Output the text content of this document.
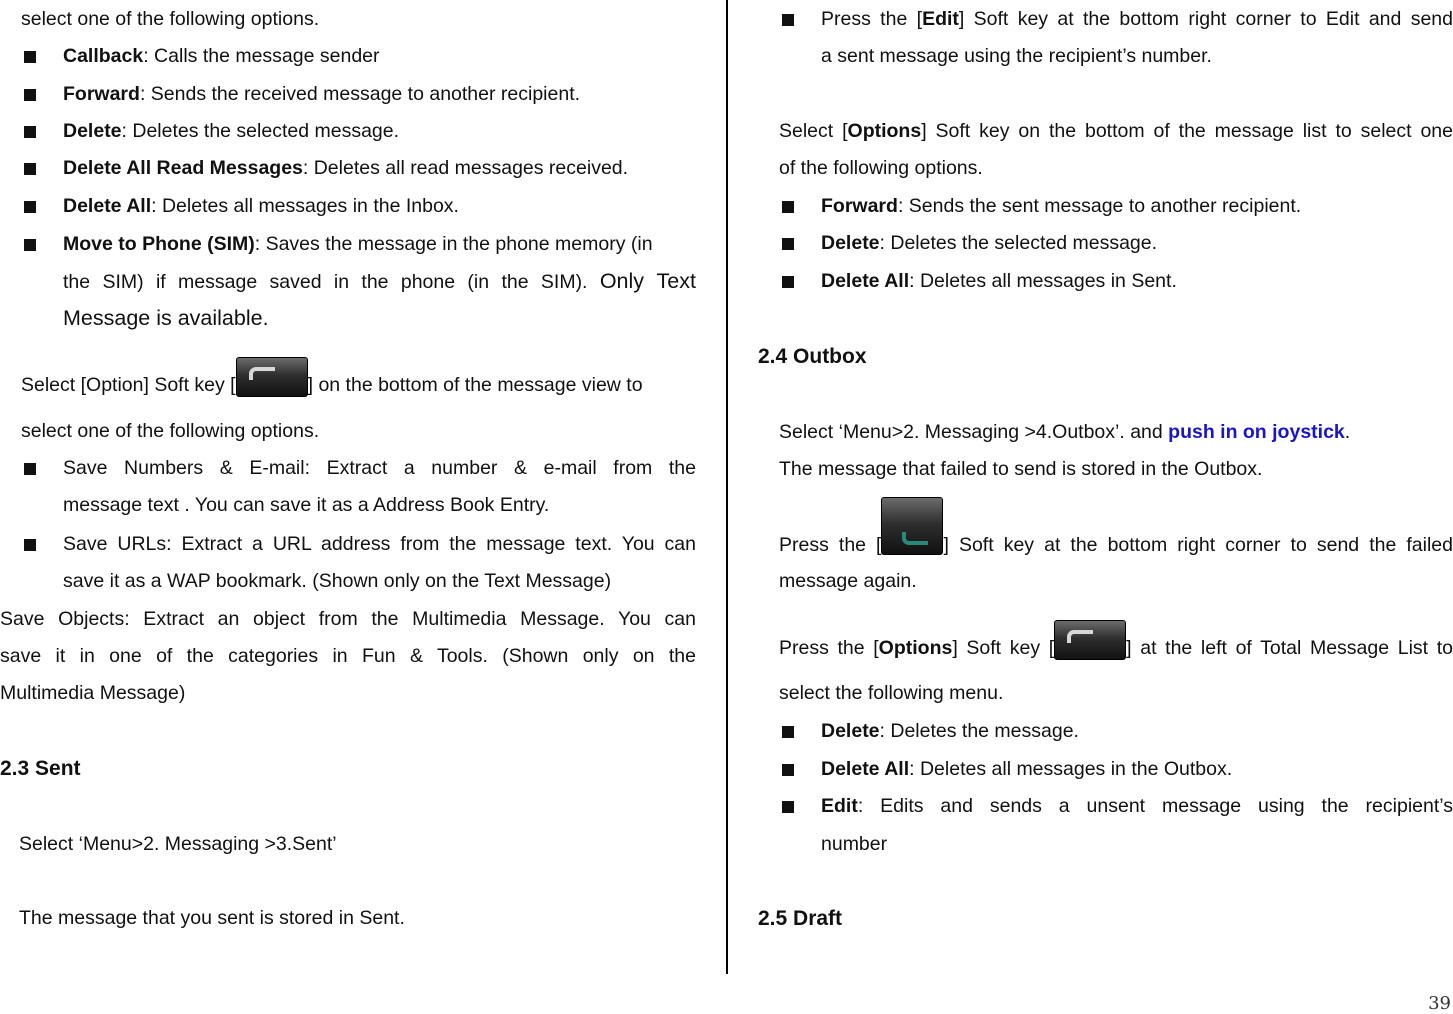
select one of the following options.
Callback: Calls the message sender
Forward: Sends the received message to another recipient.
Delete: Deletes the selected message.
Delete All Read Messages: Deletes all read messages received.
Delete All: Deletes all messages in the Inbox.
Move to Phone (SIM): Saves the message in the phone memory (in
the SIM) if message saved in the phone (in the SIM). Only Text
Message is available.
Select [Option] Soft key [	] on the bottom of the message view to
select one of the following options.
Save Numbers & E-mail: Extract a number & e-mail from the
message text . You can save it as a Address Book Entry.
Save URLs: Extract a URL address from the message text. You can
save it as a WAP bookmark. (Shown only on the Text Message)
Save Objects: Extract an object from the Multimedia Message. You can
save it in one of the categories in Fun & Tools. (Shown only on the
Multimedia Message)
2.3 Sent
Select ‘Menu>2. Messaging >3.Sent’
The message that you sent is stored in Sent.
Press the [Edit] Soft key at the bottom right corner to Edit and send
a sent message using the recipient’s number.
Select [Options] Soft key on the bottom of the message list to select one
of the following options.
Forward: Sends the sent message to another recipient.
Delete: Deletes the selected message.
Delete All: Deletes all messages in Sent.
2.4 Outbox
Select ‘Menu>2. Messaging >4.Outbox’. and push in on joystick.
The message that failed to send is stored in the Outbox.
Press the [	] Soft key at the bottom right corner to send the failed
message again.
Press the [Options] Soft key [	] at the left of Total Message List to
select the following menu.
Delete: Deletes the message.
Delete All: Deletes all messages in the Outbox.
Edit: Edits and sends a unsent message using the recipient’s
number
2.5 Draft
39
